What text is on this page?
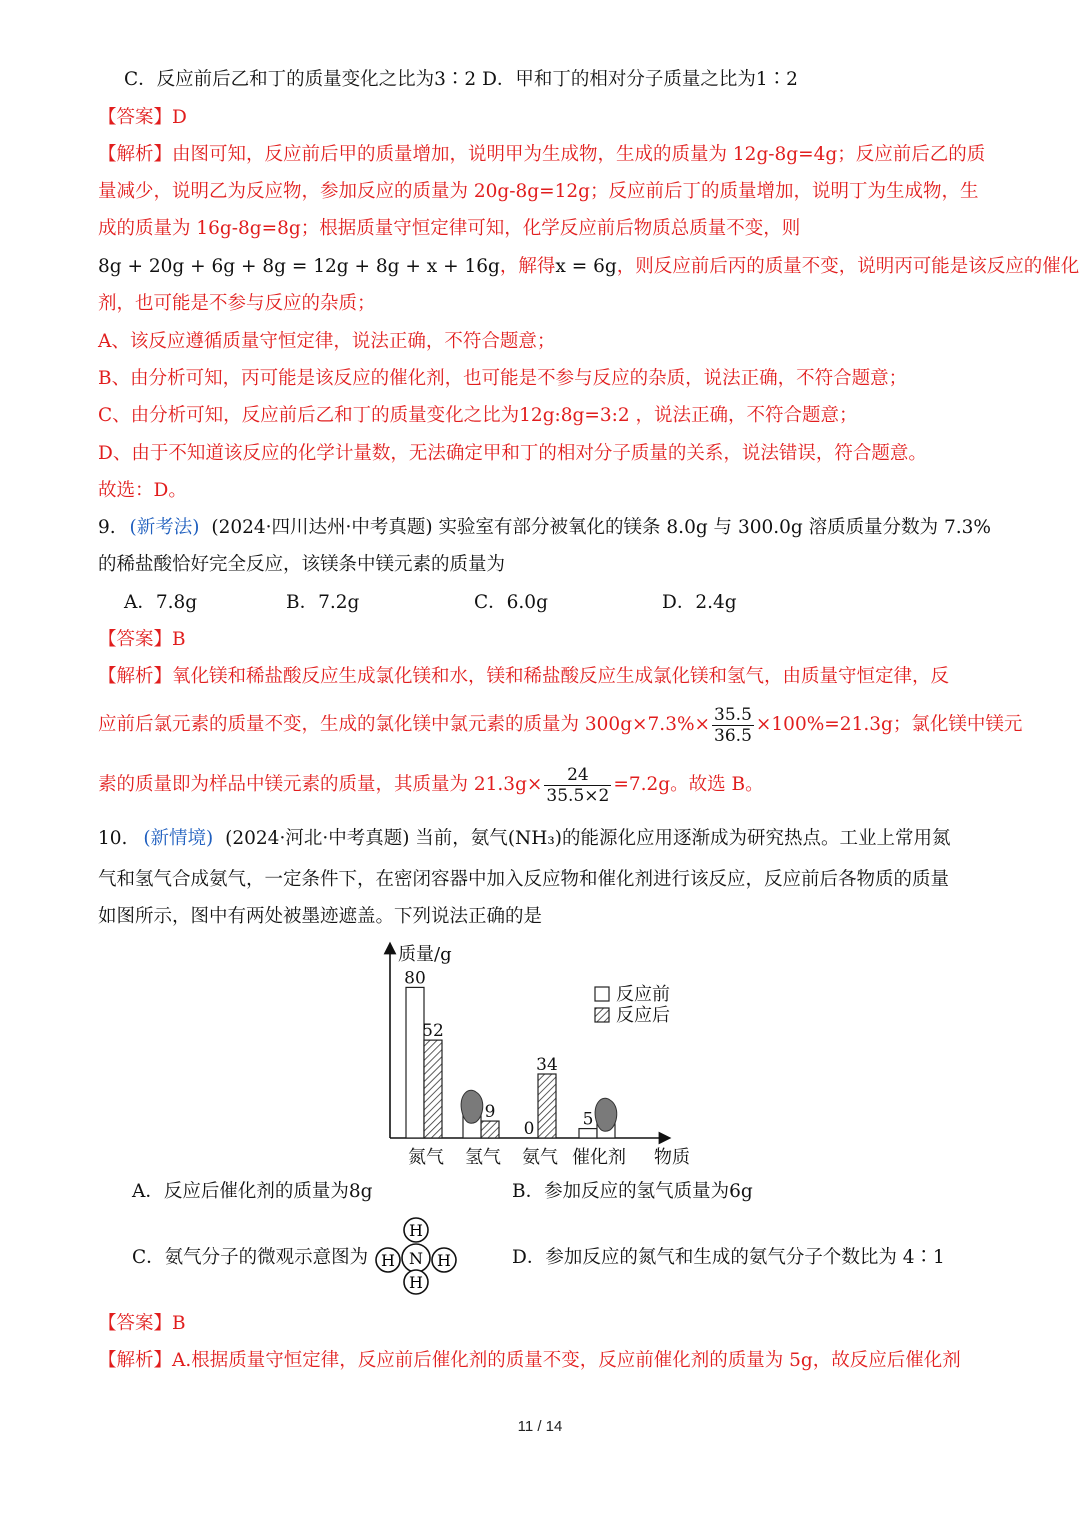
C．反应前后乙和丁的质量变化之比为3∶2 D．甲和丁的相对分子质量之比为1∶2
【答案】D
【解析】由图可知，反应前后甲的质量增加，说明甲为生成物，生成的质量为 12g-8g=4g；反应前后乙的质
量减少，说明乙为反应物，参加反应的质量为 20g-8g=12g；反应前后丁的质量增加，说明丁为生成物，生
成的质量为 16g-8g=8g；根据质量守恒定律可知，化学反应前后物质总质量不变，则
8g + 20g + 6g + 8g = 12g + 8g + x + 16g，解得x = 6g，则反应前后丙的质量不变，说明丙可能是该反应的催化
剂，也可能是不参与反应的杂质；
A、该反应遵循质量守恒定律，说法正确，不符合题意；
B、由分析可知，丙可能是该反应的催化剂，也可能是不参与反应的杂质，说法正确，不符合题意；
C、由分析可知，反应前后乙和丁的质量变化之比为12g:8g=3:2 ，说法正确，不符合题意；
D、由于不知道该反应的化学计量数，无法确定甲和丁的相对分子质量的关系，说法错误，符合题意。
故选：D。
9. (新考法) (2024·四川达州·中考真题) 实验室有部分被氧化的镁条 8.0g 与 300.0g 溶质质量分数为 7.3%
的稀盐酸恰好完全反应，该镁条中镁元素的质量为
A．7.8g	B．7.2g	C．6.0g	D．2.4g
【答案】B
【解析】氧化镁和稀盐酸反应生成氯化镁和水，镁和稀盐酸反应生成氯化镁和氢气，由质量守恒定律，反
应前后氯元素的质量不变，生成的氯化镁中氯元素的质量为 $300g\times 7.3\%\times \frac{35.5}{36.5} \times 100\%=21.3g$；氯化镁中镁元
素的质量即为样品中镁元素的质量，其质量为 $21.3g\times \frac{24}{35.5\times 2} =7.2g$。故选 B。
10. (新情境) (2024·河北·中考真题) 当前，氨气(NH₃)的能源化应用逐渐成为研究热点。工业上常用氮
气和氢气合成氨气，一定条件下，在密闭容器中加入反应物和催化剂进行该反应，反应前后各物质的质量
如图所示，图中有两处被墨迹遮盖。下列说法正确的是
质量/g
物质
氮气
80
52
氢气
9
氨气
0
34
催化剂
5
反应前
反应后
A．反应后催化剂的质量为8g	B．参加反应的氢气质量为6g
C．氨气分子的微观示意图为
H
H N H
H
D．参加反应的氮气和生成的氨气分子个数比为 4∶1
【答案】B
【解析】A.根据质量守恒定律，反应前后催化剂的质量不变，反应前催化剂的质量为 5g，故反应后催化剂
11 / 14
